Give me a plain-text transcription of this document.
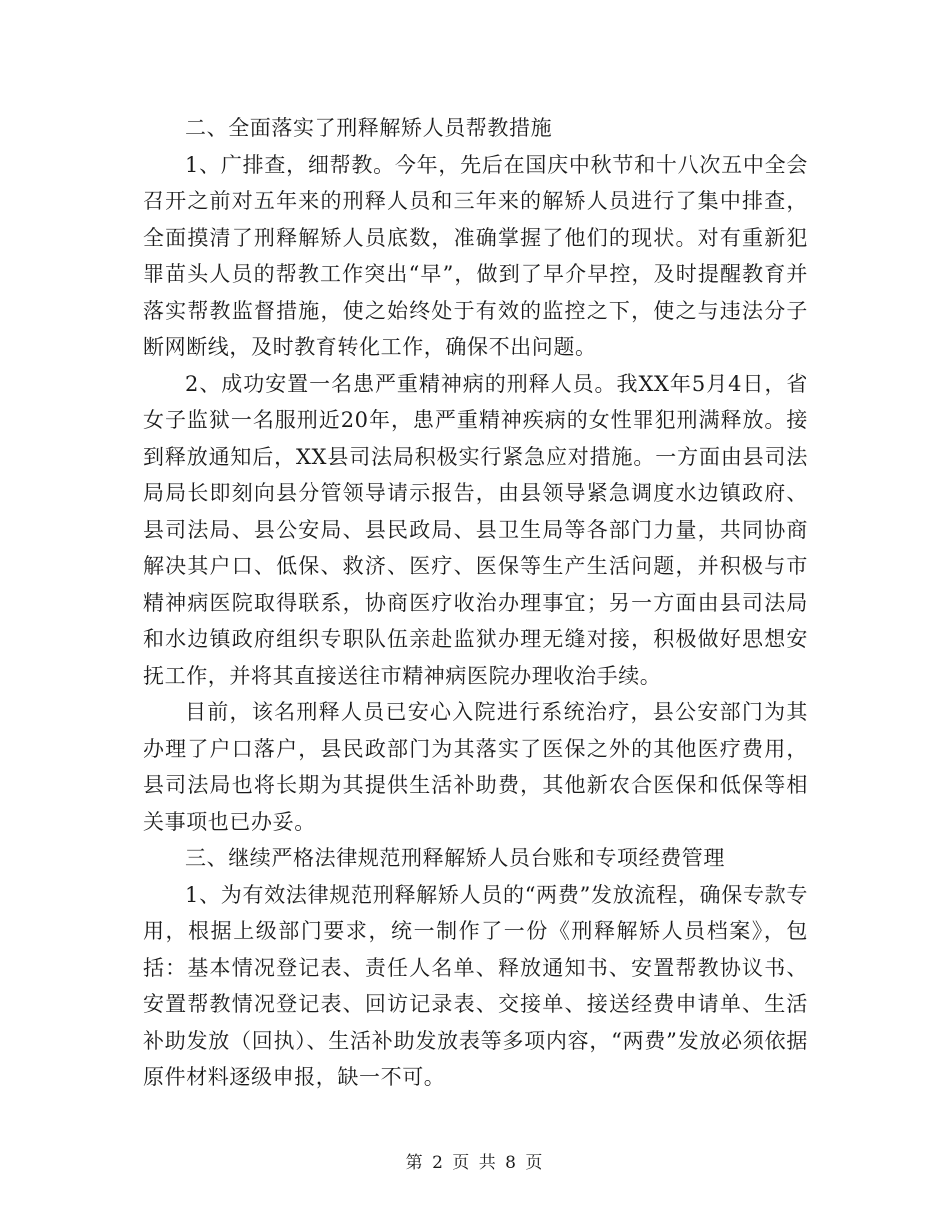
二、全面落实了刑释解矫人员帮教措施

1、广排查，细帮教。今年，先后在国庆中秋节和十八次五中全会召开之前对五年来的刑释人员和三年来的解矫人员进行了集中排查，全面摸清了刑释解矫人员底数，准确掌握了他们的现状。对有重新犯罪苗头人员的帮教工作突出“早”，做到了早介早控，及时提醒教育并落实帮教监督措施，使之始终处于有效的监控之下，使之与违法分子断网断线，及时教育转化工作，确保不出问题。

2、成功安置一名患严重精神病的刑释人员。我XX年5月4日，省女子监狱一名服刑近20年，患严重精神疾病的女性罪犯刑满释放。接到释放通知后，XX县司法局积极实行紧急应对措施。一方面由县司法局局长即刻向县分管领导请示报告，由县领导紧急调度水边镇政府、县司法局、县公安局、县民政局、县卫生局等各部门力量，共同协商解决其户口、低保、救济、医疗、医保等生产生活问题，并积极与市精神病医院取得联系，协商医疗收治办理事宜；另一方面由县司法局和水边镇政府组织专职队伍亲赴监狱办理无缝对接，积极做好思想安抚工作，并将其直接送往市精神病医院办理收治手续。

目前，该名刑释人员已安心入院进行系统治疗，县公安部门为其办理了户口落户，县民政部门为其落实了医保之外的其他医疗费用，县司法局也将长期为其提供生活补助费，其他新农合医保和低保等相关事项也已办妥。

三、继续严格法律规范刑释解矫人员台账和专项经费管理

1、为有效法律规范刑释解矫人员的“两费”发放流程，确保专款专用，根据上级部门要求，统一制作了一份《刑释解矫人员档案》，包括：基本情况登记表、责任人名单、释放通知书、安置帮教协议书、安置帮教情况登记表、回访记录表、交接单、接送经费申请单、生活补助发放（回执）、生活补助发放表等多项内容，“两费”发放必须依据原件材料逐级申报，缺一不可。

第 2 页 共 8 页
